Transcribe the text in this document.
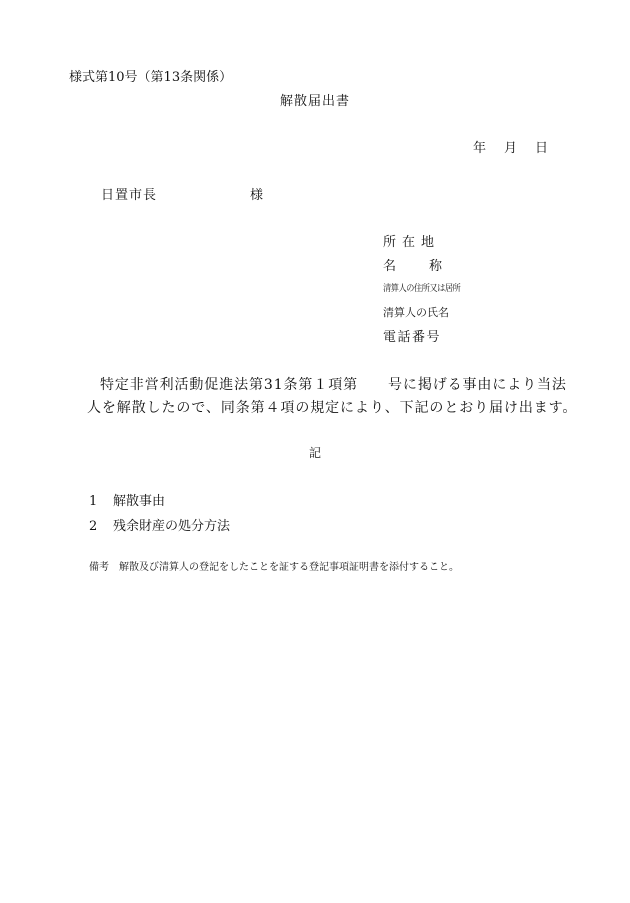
様式第10号（第13条関係）
解散届出書
年 月 日
日置市長	様
所在地
名称
清算人の住所又は居所
清算人の氏名
電話番号
特定非営利活動促進法第31条第１項第 号に掲げる事由により当法
人を解散したので、同条第４項の規定により、下記のとおり届け出ます。
記
1 解散事由
2 残余財産の処分方法
備考 解散及び清算人の登記をしたことを証する登記事項証明書を添付すること。
